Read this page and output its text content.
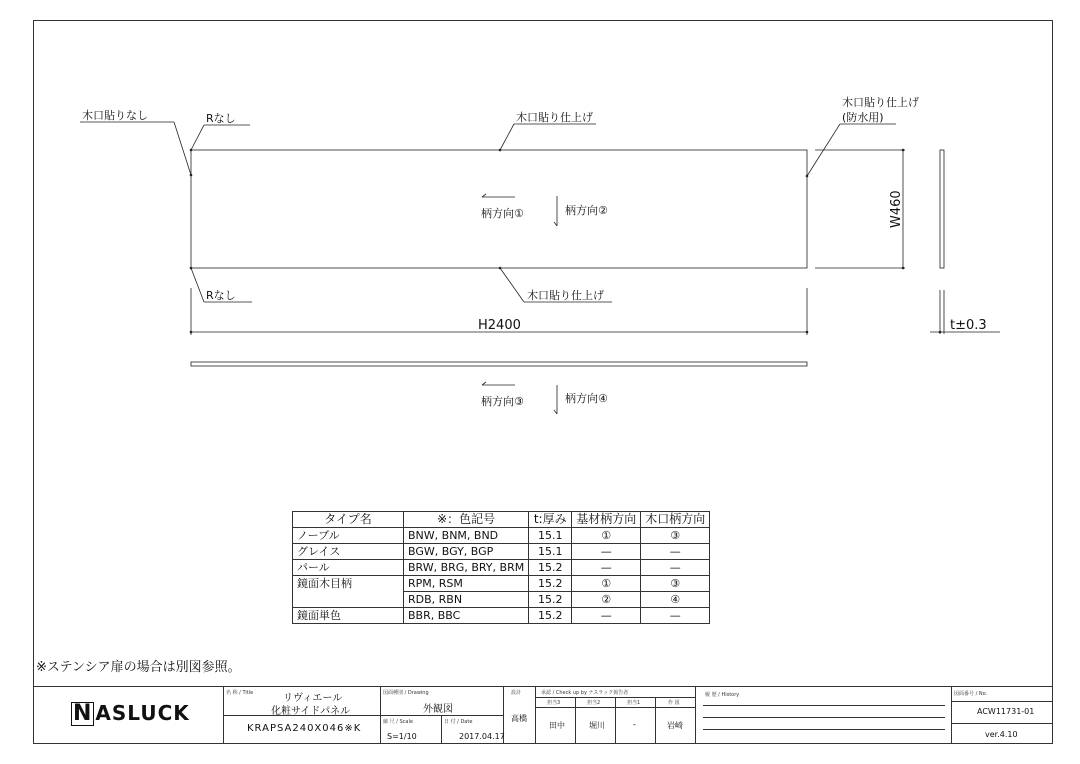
木口貼りなし	Rなし	木口貼り仕上げ
木口貼り仕上げ
(防水用)
Rなし	木口貼り仕上げ
H2400	t±0.3
W460
柄方向①	柄方向②
柄方向③	柄方向④
タイプ名	※：色記号	t:厚み	基材柄方向	木口柄方向
ノーブル	BNW, BNM, BND	15.1	①	③
グレイス	BGW, BGY, BGP	15.1	—	—
パール	BRW, BRG, BRY, BRM	15.2	—	—
鏡面木目柄	RPM, RSM	15.2	①	③
	RDB, RBN	15.2	②	④
鏡面単色	BBR, BBC	15.2	—	—
※ステンシア扉の場合は別図参照。
N ASLUCK
名 称 / Title	リヴィエール
化粧サイドパネル
KRAPSA240X046※K
図面種別 / Drawing
外観図
縮 尺 / Scale
S=1/10
日 付 / Date
2017.04.17
設計
高橋
承認 / Check up by ナスラック報告者
担当3	担当2	担当1	作 図
田中	堀川	-	岩崎
履 歴 / History	図面番号 / No.
ACW11731-01
ver.4.10
